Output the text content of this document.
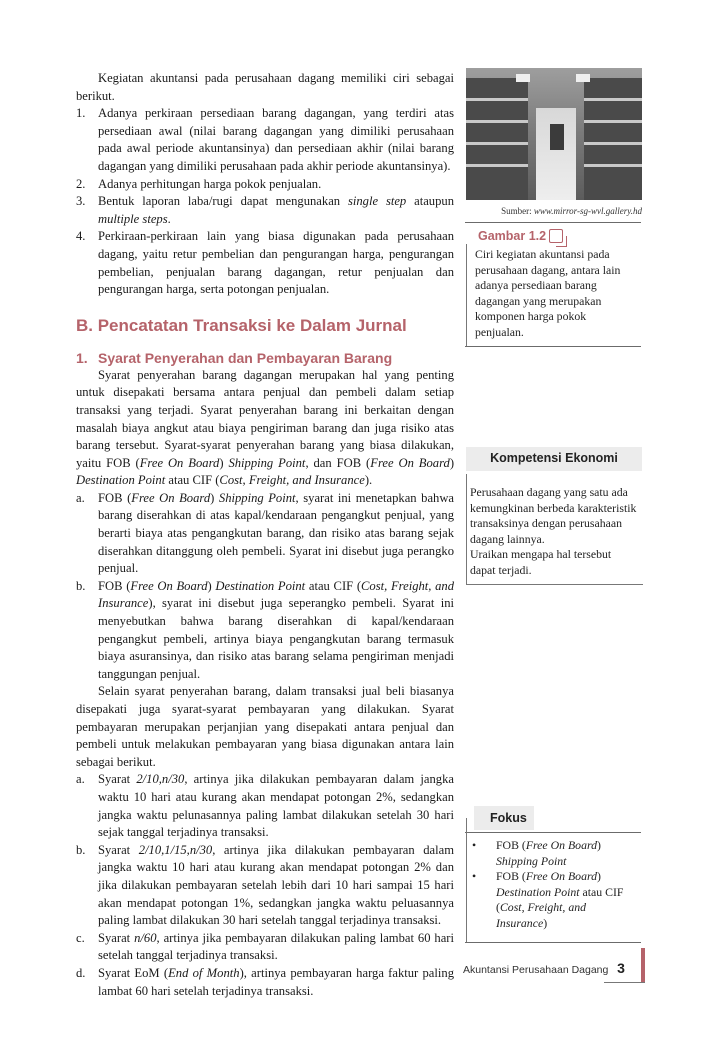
Kegiatan akuntansi pada perusahaan dagang memiliki ciri sebagai berikut.

1. Adanya perkiraan persediaan barang dagangan, yang terdiri atas persediaan awal (nilai barang dagangan yang dimiliki perusahaan pada awal periode akuntansinya) dan persediaan akhir (nilai barang dagangan yang dimiliki perusahaan pada akhir periode akuntansinya).
2. Adanya perhitungan harga pokok penjualan.
3. Bentuk laporan laba/rugi dapat mengunakan single step ataupun multiple steps.
4. Perkiraan-perkiraan lain yang biasa digunakan pada perusahaan dagang, yaitu retur pembelian dan pengurangan harga, pengurangan pembelian, penjualan barang dagangan, retur penjualan dan pengurangan harga, serta potongan penjualan.
B. Pencatatan Transaksi ke Dalam Jurnal
1. Syarat Penyerahan dan Pembayaran Barang

Syarat penyerahan barang dagangan merupakan hal yang penting untuk disepakati bersama antara penjual dan pembeli dalam setiap transaksi yang terjadi. Syarat penyerahan barang ini berkaitan dengan masalah biaya angkut atau biaya pengiriman barang dan juga risiko atas barang tersebut. Syarat-syarat penyerahan barang yang biasa dilakukan, yaitu FOB (Free On Board) Shipping Point, dan FOB (Free On Board) Destination Point atau CIF (Cost, Freight, and Insurance).

a.	FOB (Free On Board) Shipping Point, syarat ini menetapkan bahwa barang diserahkan di atas kapal/kendaraan pengangkut penjual, yang berarti biaya atas pengangkutan barang, dan risiko atas barang sejak diserahkan ditanggung oleh pembeli. Syarat ini disebut juga perangko penjual.
b. FOB (Free On Board) Destination Point atau CIF (Cost, Freight, and Insurance), syarat ini disebut juga seperangko pembeli. Syarat ini menyebutkan bahwa barang diserahkan di kapal/kendaraan pengangkut pembeli, artinya biaya pengangkutan barang termasuk biaya asuransinya, dan risiko atas barang selama pengiriman menjadi tanggungan penjual.

Selain syarat penyerahan barang, dalam transaksi jual beli biasanya disepakati juga syarat-syarat pembayaran yang dilakukan. Syarat pembayaran merupakan perjanjian yang disepakati antara penjual dan pembeli untuk melakukan pembayaran yang biasa digunakan antara lain sebagai berikut.

a.	Syarat 2/10,n/30, artinya jika dilakukan pembayaran dalam jangka waktu 10 hari atau kurang akan mendapat potongan 2%, sedangkan jangka waktu pelunasannya paling lambat dilakukan setelah 30 hari sejak tanggal terjadinya transaksi.
b. Syarat 2/10,1/15,n/30, artinya jika dilakukan pembayaran dalam jangka waktu 10 hari atau kurang akan mendapat potongan 2% dan jika dilakukan pembayaran setelah lebih dari 10 hari sampai 15 hari akan mendapat potongan 1%, sedangkan jangka waktu peluasannya paling lambat dilakukan 30 hari setelah tanggal terjadinya transaksi.
c.	Syarat n/60, artinya jika pembayaran dilakukan paling lambat 60 hari setelah tanggal terjadinya transaksi.
d. Syarat EoM (End of Month), artinya pembayaran harga faktur paling lambat 60 hari setelah terjadinya transaksi.
Sumber: www.mirror-sg-wvl.gallery.hd
Gambar 1.2
Ciri kegiatan akuntansi pada perusahaan dagang, antara lain adanya persediaan barang dagangan yang merupakan komponen harga pokok penjualan.
Kompetensi Ekonomi
Perusahaan dagang yang satu ada kemungkinan berbeda karakteristik transaksinya dengan perusahaan dagang lainnya.
Uraikan mengapa hal tersebut dapat terjadi.
Fokus
•	FOB (Free On Board) Shipping Point
•	FOB (Free On Board) Destination Point atau CIF (Cost, Freight, and Insurance)
Akuntansi Perusahaan Dagang 3
